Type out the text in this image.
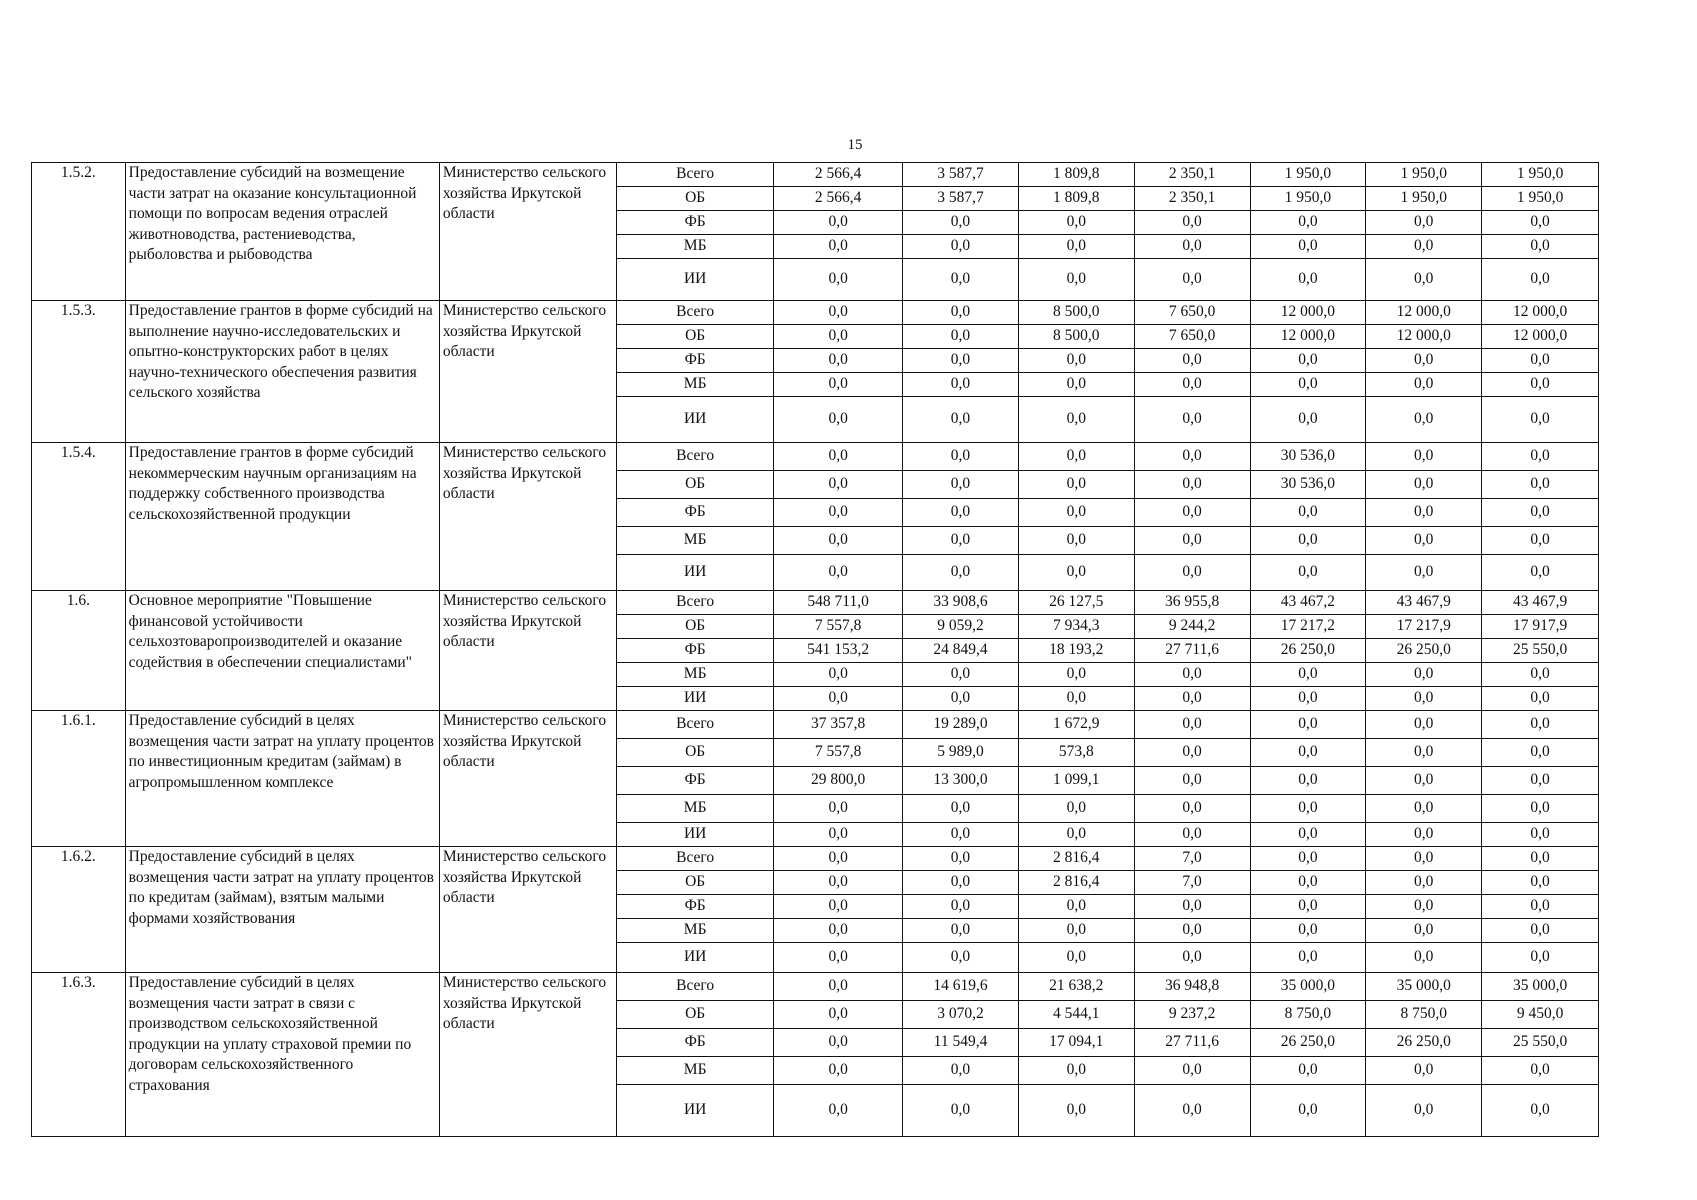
15
1.5.2.	Предоставление субсидий на возмещение части затрат на оказание консультационной помощи по вопросам ведения отраслей животноводства, растениеводства, рыболовства и рыбоводства	Министерство сельского хозяйства Иркутской области	Всего	2 566,4	3 587,7	1 809,8	2 350,1	1 950,0	1 950,0	1 950,0
			ОБ	2 566,4	3 587,7	1 809,8	2 350,1	1 950,0	1 950,0	1 950,0
			ФБ	0,0	0,0	0,0	0,0	0,0	0,0	0,0
			МБ	0,0	0,0	0,0	0,0	0,0	0,0	0,0
			ИИ	0,0	0,0	0,0	0,0	0,0	0,0	0,0
1.5.3.	Предоставление грантов в форме субсидий на выполнение научно-исследовательских и опытно-конструкторских работ в целях научно-технического обеспечения развития сельского хозяйства	Министерство сельского хозяйства Иркутской области	Всего	0,0	0,0	8 500,0	7 650,0	12 000,0	12 000,0	12 000,0
			ОБ	0,0	0,0	8 500,0	7 650,0	12 000,0	12 000,0	12 000,0
			ФБ	0,0	0,0	0,0	0,0	0,0	0,0	0,0
			МБ	0,0	0,0	0,0	0,0	0,0	0,0	0,0
			ИИ	0,0	0,0	0,0	0,0	0,0	0,0	0,0
1.5.4.	Предоставление грантов в форме субсидий некоммерческим научным организациям на поддержку собственного производства сельскохозяйственной продукции	Министерство сельского хозяйства Иркутской области	Всего	0,0	0,0	0,0	0,0	30 536,0	0,0	0,0
			ОБ	0,0	0,0	0,0	0,0	30 536,0	0,0	0,0
			ФБ	0,0	0,0	0,0	0,0	0,0	0,0	0,0
			МБ	0,0	0,0	0,0	0,0	0,0	0,0	0,0
			ИИ	0,0	0,0	0,0	0,0	0,0	0,0	0,0
1.6.	Основное мероприятие "Повышение финансовой устойчивости сельхозтоваропроизводителей и оказание содействия в обеспечении специалистами"	Министерство сельского хозяйства Иркутской области	Всего	548 711,0	33 908,6	26 127,5	36 955,8	43 467,2	43 467,9	43 467,9
			ОБ	7 557,8	9 059,2	7 934,3	9 244,2	17 217,2	17 217,9	17 917,9
			ФБ	541 153,2	24 849,4	18 193,2	27 711,6	26 250,0	26 250,0	25 550,0
			МБ	0,0	0,0	0,0	0,0	0,0	0,0	0,0
			ИИ	0,0	0,0	0,0	0,0	0,0	0,0	0,0
1.6.1.	Предоставление субсидий в целях возмещения части затрат на уплату процентов по инвестиционным кредитам (займам) в агропромышленном комплексе	Министерство сельского хозяйства Иркутской области	Всего	37 357,8	19 289,0	1 672,9	0,0	0,0	0,0	0,0
			ОБ	7 557,8	5 989,0	573,8	0,0	0,0	0,0	0,0
			ФБ	29 800,0	13 300,0	1 099,1	0,0	0,0	0,0	0,0
			МБ	0,0	0,0	0,0	0,0	0,0	0,0	0,0
			ИИ	0,0	0,0	0,0	0,0	0,0	0,0	0,0
1.6.2.	Предоставление субсидий в целях возмещения части затрат на уплату процентов по кредитам (займам), взятым малыми формами хозяйствования	Министерство сельского хозяйства Иркутской области	Всего	0,0	0,0	2 816,4	7,0	0,0	0,0	0,0
			ОБ	0,0	0,0	2 816,4	7,0	0,0	0,0	0,0
			ФБ	0,0	0,0	0,0	0,0	0,0	0,0	0,0
			МБ	0,0	0,0	0,0	0,0	0,0	0,0	0,0
			ИИ	0,0	0,0	0,0	0,0	0,0	0,0	0,0
1.6.3.	Предоставление субсидий в целях возмещения части затрат в связи с производством сельскохозяйственной продукции на уплату страховой премии по договорам сельскохозяйственного страхования	Министерство сельского хозяйства Иркутской области	Всего	0,0	14 619,6	21 638,2	36 948,8	35 000,0	35 000,0	35 000,0
			ОБ	0,0	3 070,2	4 544,1	9 237,2	8 750,0	8 750,0	9 450,0
			ФБ	0,0	11 549,4	17 094,1	27 711,6	26 250,0	26 250,0	25 550,0
			МБ	0,0	0,0	0,0	0,0	0,0	0,0	0,0
			ИИ	0,0	0,0	0,0	0,0	0,0	0,0	0,0
